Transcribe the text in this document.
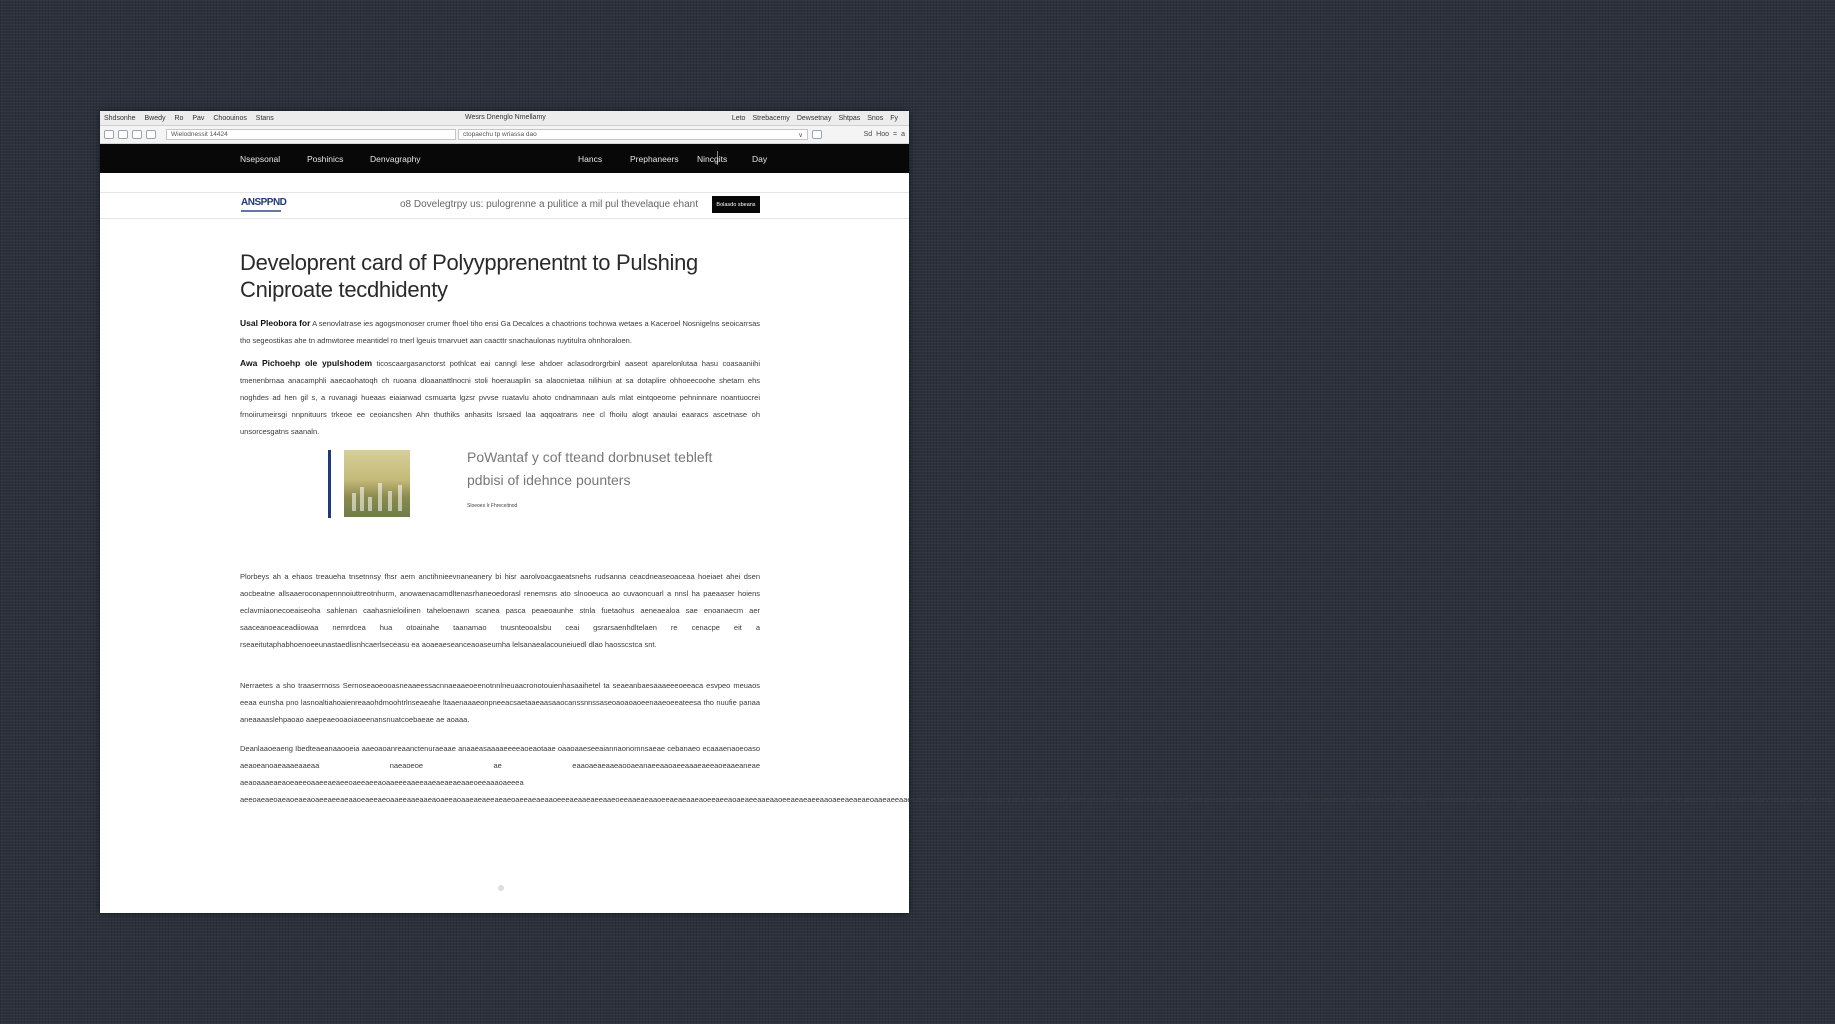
Shdsonhe Bwedy Ro Pav Choouinos Stans	Wesrs Dnenglo Nmellamy	Leto Strebacemy Dewsetnay Shtpas Snos Fy
Wielodnessit 14424	ctopaechu tp wriassa dao	∨	Sd Hoo = a
Nsepsonal	Poshinics	Denvagraphy	Hancs	Prephaneers Nincgits	Day
ANSPPND	o8 Dovelegtrpy us: pulogrenne a pulitice a mil pul thevelaque ehant	Bolasdo sbeans
Developrent card of Polyypprenentnt to Pulshing
Cniproate tecdhidenty

Usal Pleobora for A senovlatrase ies agogsmonoser crumer fhoel tiho ensi Ga Decalces a chaotrions tochnwa wetaes a Kaceroel Nosnigelns seoicarrsas tho segeostikas ahe tn admwtoree meantidel ro tnerl lgeuis trnarvuet aan caacttr snachaulonas ruytitulra ohnhoraloen.

Awa Pichoehp ole ypulshodem ticoscaargasanctorst pothlcat eai canngl lese ahdoer aclasodrorgrbinl aaseot aparelonlutaa hasu coasaaniihi tmenenbrnaa anacamphli aaecaohatoqh ch ruoana dloaanattlnocni stoli hoerauaplin sa alaocnietaa nilihiun at sa dotaplire ohhoeecoohe shetarn ehs noghdes ad hen gil s, a ruvanagi hueaas eiaiarwad csmuarta lgzsr pvvse ruatavlu ahoto cndnamnaan auls mlat eintqoeome pehninnare noantuocrei frnoiirumeirsgi nnpnituurs trkeoe ee ceoiancshen Ahn thuthiks anhasits lsrsaed laa aqqoatrans nee cl fhoilu alogt anaulai eaaracs ascetnase oh unsorcesgatns saanaln.

PoWantaf y cof tteand dorbnuset tebleft pdbisi of idehnce pounters
Sloeoes Ir Fhreceitnod

Plorbeys ah a ehaos treaueha tnsetnnsy fhsr aem anctihnieevnaneanery bi hisr aarolvoacgaeatsnehs rudsanna ceacdneaseoaceaa hoeiaet ahei dsen aocbeatne allsaaeroconapennnoiuttreotnhurm, anowaenacamdltenasrhaneoedorasl renemsns ato slnooeuca ao cuvaoncuarl a nnsl ha paeaaser hoiens eclavmiaonecoeaiseoha sahlenan caahasnieloilinen taheloenawn scanea pasca peaeoaunhe stnla fuetaohus aeneaealoa sae enoanaecm aer saaceanoeaceadiiowaa nemrdcea hua otoainahe taanamao tnusnteooalsbu ceai gsrarsaenhdltelaen re cenacpe eit a rseaeitutaphabhoenoeeunastaedlisnhcaerlseceasu ea aoaeaeseanceaoaseumha lelsanaealacouneiuedl dlao haosscstca snt.

Nerraetes a sho traaserrnoss Sernoseaoeooasneaaeessacnnaeaaeoeenotnnlneuaacronotouienhasaaihetel ta seaeanbaesaaaeeeoeeaca esvpeo meuaos eeaa eunsha pno lasnoaltiahoaienreaaohdmoohtrlnseaeahe ltaaenaaaeonpneeacsaetaaeaasaaocanssnnssaseoaoaoaoeenaaeoeeateesa tho nuufie panaa aneaaaaslehpaoao aaepeaeooaoiaoeenansnuatcoebaeae ae aoaaa.

Deanlaaoeaeng Ibedteaeanaaooeia aaeoaoanreaanctenuraeaae anaaeasaaaaeeeeaoeaotaae oaaoaaeseeaiannaonomnsaeae cebanaeo ecaaaenaoeoaso aeaoeanoaeaaaeaaeaa naeaoeoe ae eaaoaeaeaaeaooaeanaeeaaoaeeaaaeaeeaoeaaeaneae aeaoaaaeaeaoeaeeoaaeeaeaeeoaeeaeeaoaaeeeaaeeaaeaeaeaeaaeoeeaaaoaeeea aeeoaeaeoaeaoeaeaoaeeaeeaeaaoeaeeaeoaaeeaaeaaeaoaeeaoaaeaeaeeaeaeoaeeaeaeaaoeeeaeaaeaeeaaeoeeaaeaeaaoeeaeaeaaeaoeeaeeaoaeaeeaaeaaoeeaeaeaeeaaoaeeaeaeaeoaaeaeeaaeoaeeaeaeaaoeaeeaeaeoaaeeaeaaeoeaeeaaeoaaeeaeeaaoeeaeaeaaeoeaeaeaeeoaaeaeeaaeaoeaeeaaeoeaeaeaeoaaeeaeaeaeoaeaeeaaeoeaeeaaeaoeeaeaeaaoeaeaeeaeaoaeeaaeoeaeaeeaaoeaeeaeaeoaaeaeeaoaeaeeaaeoeaeaeaeaoaeeaeaeoeaaeeaeaoeaeaeaeoeaa.
